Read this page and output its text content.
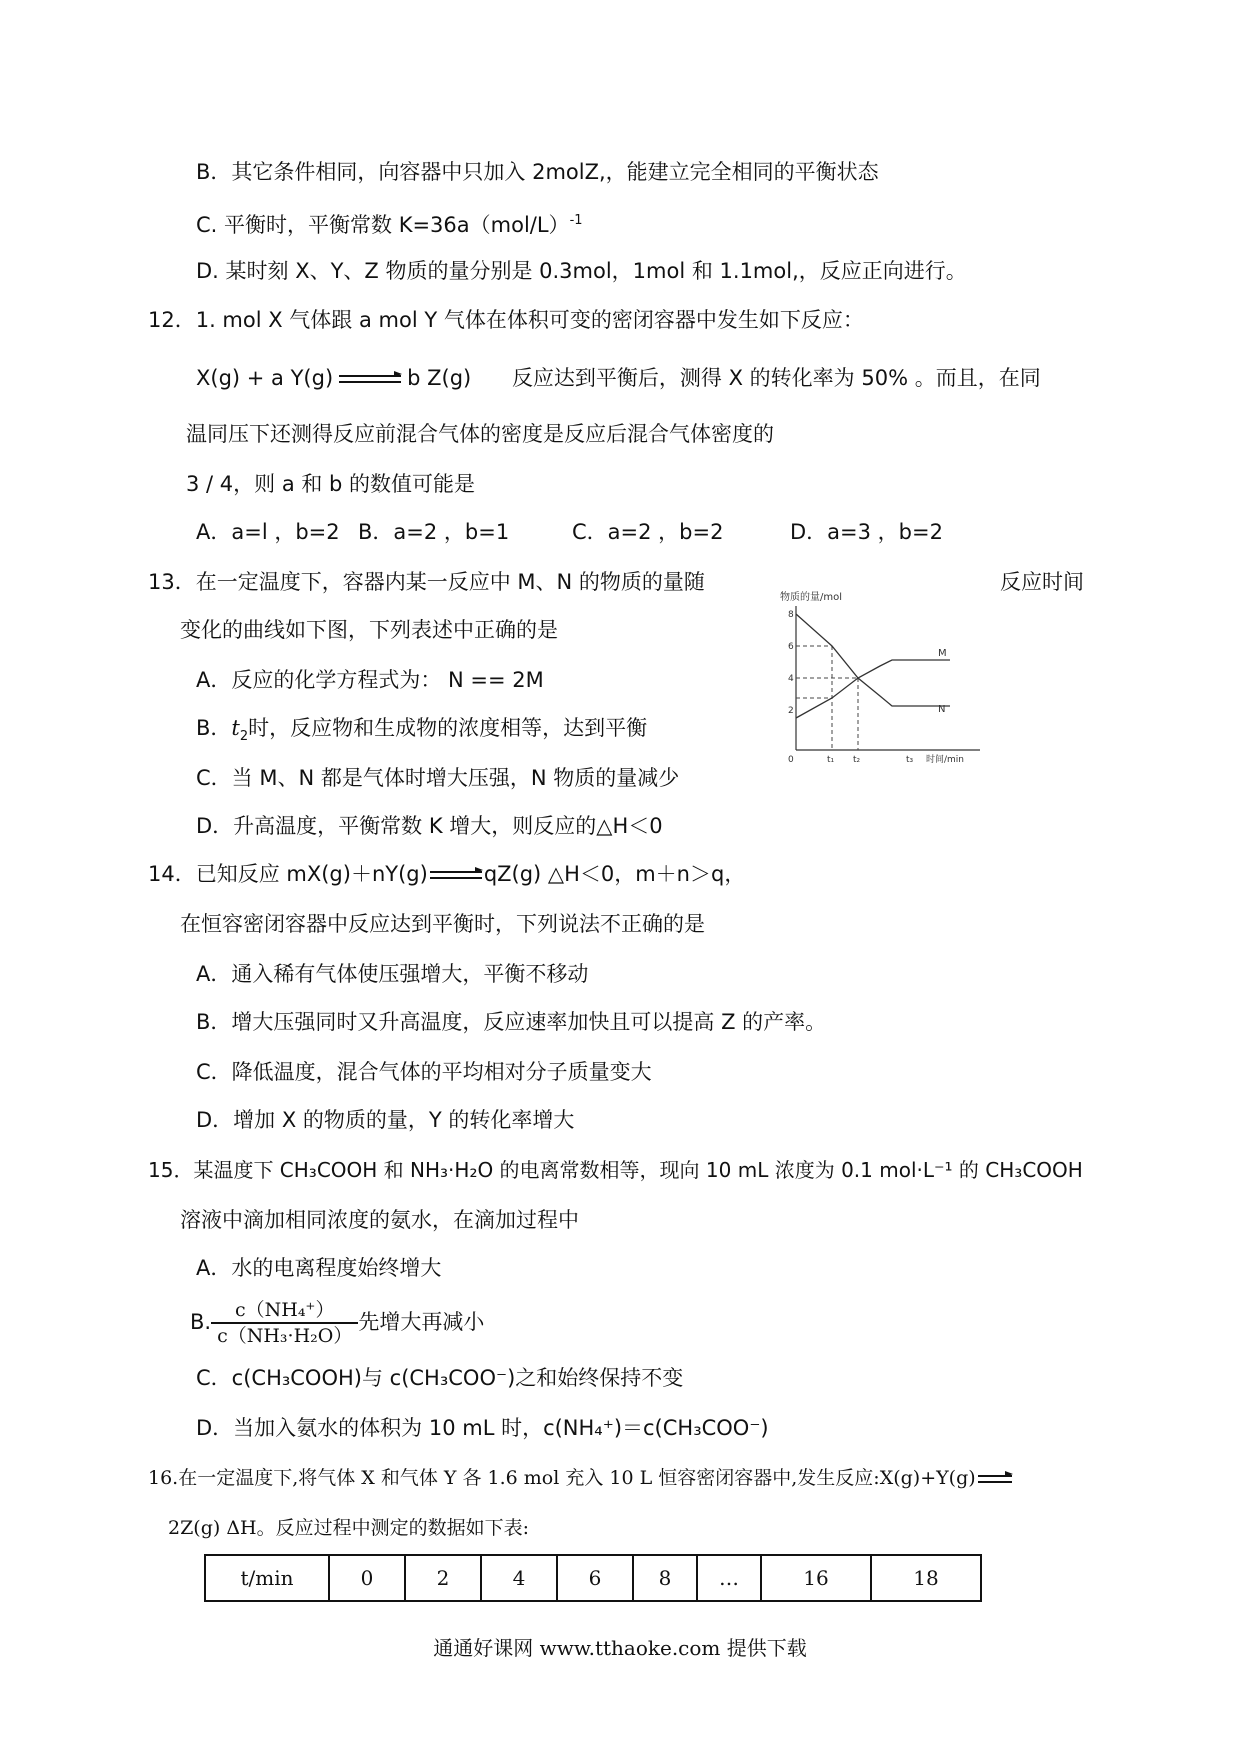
B．其它条件相同，向容器中只加入 2molZ,，能建立完全相同的平衡状态
C. 平衡时，平衡常数 $K=36a(mol/L)^{-1}$
D. 某时刻 X、Y、Z 物质的量分别是 0.3mol，1mol 和 1.1mol,，反应正向进行。
12．1. mol X 气体跟 a mol Y 气体在体积可变的密闭容器中发生如下反应：
X(g) + a Y(g)	b Z(g) 反应达到平衡后，测得 X 的转化率为 50% 。而且，在同
温同压下还测得反应前混合气体的密度是反应后混合气体密度的
3 / 4，则 a 和 b 的数值可能是
A．a=l ，b=2 B．a=2 ，b=1	C．a=2 ，b=2	D．a=3 ，b=2
13．在一定温度下，容器内某一反应中 M、N 的物质的量随	反应时间
变化的曲线如下图，下列表述中正确的是
A．反应的化学方程式为： N == 2M
B．$t_2$时，反应物和生成物的浓度相等，达到平衡
C．当 M、N 都是气体时增大压强，N 物质的量减少
D．升高温度，平衡常数 K 增大，则反应的△H＜0
物质的量/mol
0
8
6
4
2
M
N
t₁ t₂	t₃ 时间/min
14．已知反应 mX(g)＋nY(g)	qZ(g) △H＜0，m＋n＞q，
在恒容密闭容器中反应达到平衡时，下列说法不正确的是
A．通入稀有气体使压强增大，平衡不移动
B．增大压强同时又升高温度，反应速率加快且可以提高 Z 的产率。
C．降低温度，混合气体的平均相对分子质量变大
D．增加 X 的物质的量，Y 的转化率增大
15．某温度下 CH₃COOH 和 NH₃·H₂O 的电离常数相等，现向 10 mL 浓度为 0.1 mol·L⁻¹ 的 CH₃COOH
溶液中滴加相同浓度的氨水，在滴加过程中
A．水的电离程度始终增大
B. $\frac{\text{c（NH₄⁺）}}{\text{c（NH₃·H₂O）}}$ 先增大再减小
C．c(CH₃COOH)与 c(CH₃COO⁻)之和始终保持不变
D．当加入氨水的体积为 10 mL 时，c(NH₄⁺)＝c(CH₃COO⁻)
16.在一定温度下,将气体 X 和气体 Y 各 1.6 mol 充入 10 L 恒容密闭容器中,发生反应:X(g)+Y(g)
2Z(g) ΔH。反应过程中测定的数据如下表:
t/min	0	2	4	6	8	…	16	18
通通好课网 www.tthaoke.com 提供下载
